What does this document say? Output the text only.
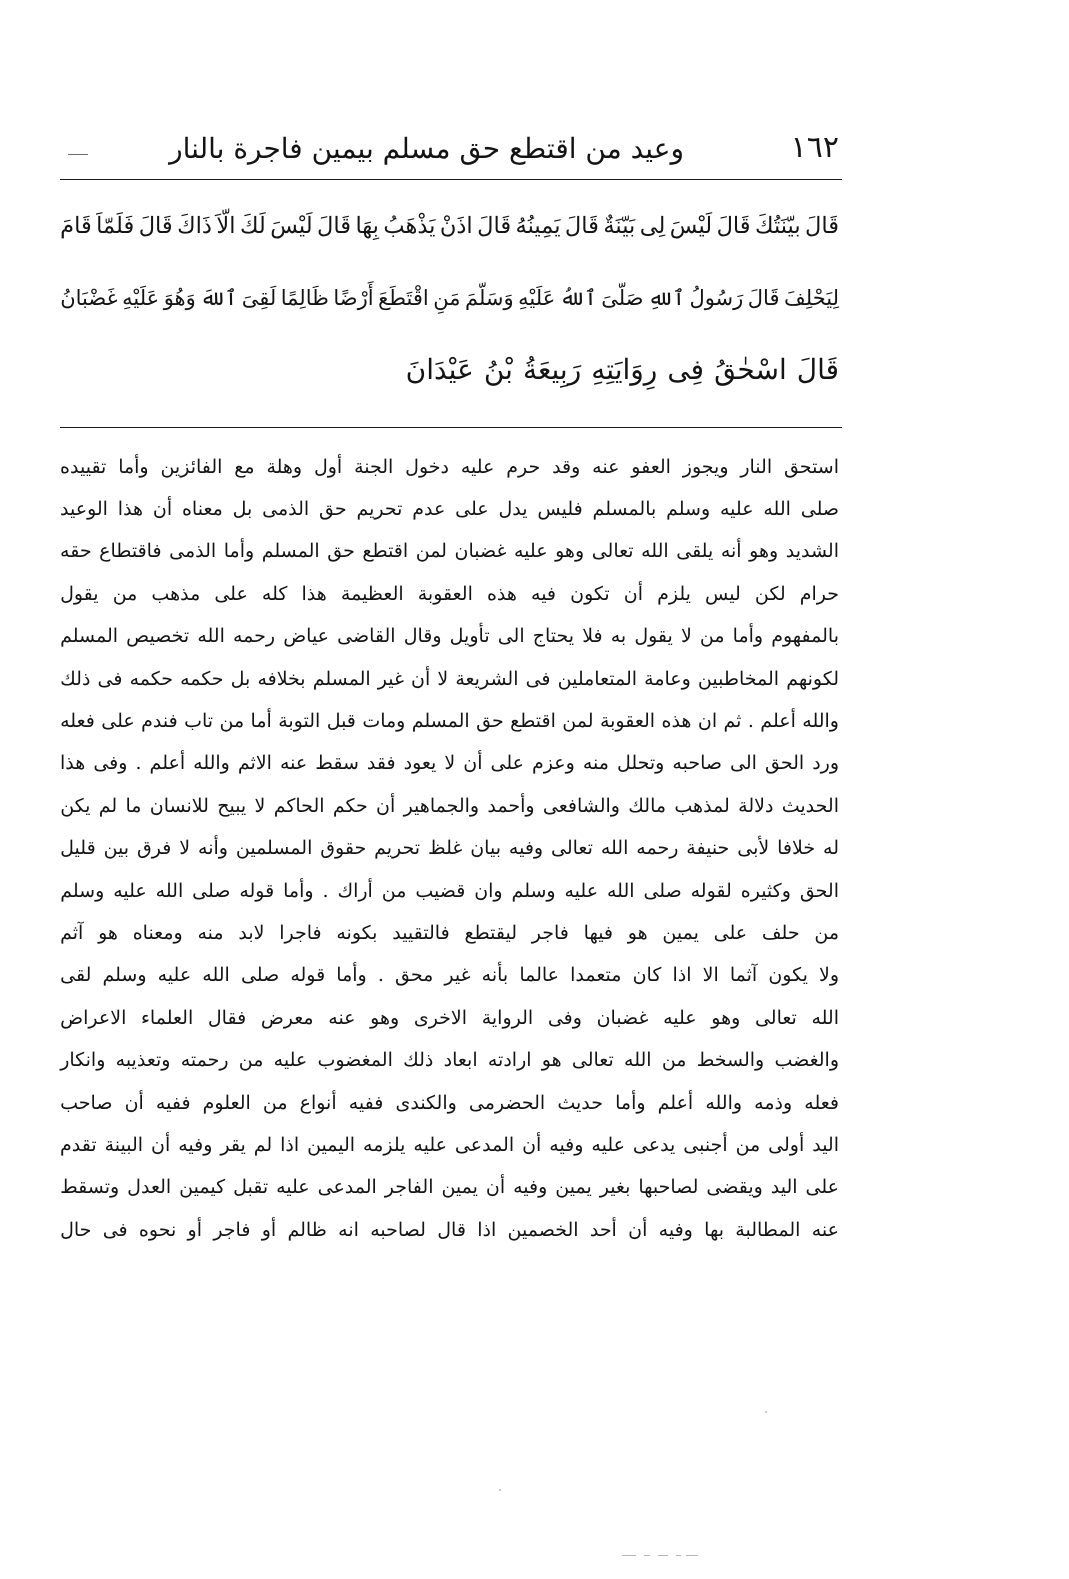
١٦٢
وعيد من اقتطع حق مسلم بيمين فاجرة بالنار
قَالَ
بيّنَتُكَ
قَالَ
لَيْسَ
لِى
بَيّنَةٌ
قَالَ
يَمِينُهُ
قَالَ
اذَنْ
يَذْهَبُ
بِهَا
قَالَ
لَيْسَ
لَكَ
الّاَ
ذَاكَ
قَالَ
فَلَمّاَ
قَامَ
لِيَحْلِفَ
قَالَ
رَسُولُ
ٱللهِ
صَلّىَ
ٱللهُ
عَلَيْهِ
وَسَلّمَ
مَنِ
اقْتَطَعَ
أَرْضًا
ظَالِمًا
لَقِىَ
ٱللهَ
وَهُوَ
عَلَيْهِ
غَضْبَانُ
قَالَ
اسْحٰقُ
فِى
رِوَايَتِهِ
رَبِيعَةُ
بْنُ
عَيْدَانَ
استحق
النار
ويجوز
العفو
عنه
وقد
حرم
عليه
دخول
الجنة
أول
وهلة
مع
الفائزين
وأما
تقييده
صلى
الله
عليه
وسلم
بالمسلم
فليس
يدل
على
عدم
تحريم
حق
الذمى
بل
معناه
أن
هذا
الوعيد
الشديد
وهو
أنه
يلقى
الله
تعالى
وهو
عليه
غضبان
لمن
اقتطع
حق
المسلم
وأما
الذمى
فاقتطاع
حقه
حرام
لكن
ليس
يلزم
أن
تكون
فيه
هذه
العقوبة
العظيمة
هذا
كله
على
مذهب
من
يقول
بالمفهوم
وأما
من
لا
يقول
به
فلا
يحتاج
الى
تأويل
وقال
القاضى
عياض
رحمه
الله
تخصيص
المسلم
لكونهم
المخاطبين
وعامة
المتعاملين
فى
الشريعة
لا
أن
غير
المسلم
بخلافه
بل
حكمه
حكمه
فى
ذلك
والله
أعلم
.
ثم
ان
هذه
العقوبة
لمن
اقتطع
حق
المسلم
ومات
قبل
التوبة
أما
من
تاب
فندم
على
فعله
ورد
الحق
الى
صاحبه
وتحلل
منه
وعزم
على
أن
لا
يعود
فقد
سقط
عنه
الاثم
والله
أعلم
.
وفى
هذا
الحديث
دلالة
لمذهب
مالك
والشافعى
وأحمد
والجماهير
أن
حكم
الحاكم
لا
يبيح
للانسان
ما
لم
يكن
له
خلافا
لأبى
حنيفة
رحمه
الله
تعالى
وفيه
بيان
غلظ
تحريم
حقوق
المسلمين
وأنه
لا
فرق
بين
قليل
الحق
وكثيره
لقوله
صلى
الله
عليه
وسلم
وان
قضيب
من
أراك
.
وأما
قوله
صلى
الله
عليه
وسلم
من
حلف
على
يمين
هو
فيها
فاجر
ليقتطع
فالتقييد
بكونه
فاجرا
لابد
منه
ومعناه
هو
آثم
ولا
يكون
آثما
الا
اذا
كان
متعمدا
عالما
بأنه
غير
محق
.
وأما
قوله
صلى
الله
عليه
وسلم
لقى
الله
تعالى
وهو
عليه
غضبان
وفى
الرواية
الاخرى
وهو
عنه
معرض
فقال
العلماء
الاعراض
والغضب
والسخط
من
الله
تعالى
هو
ارادته
ابعاد
ذلك
المغضوب
عليه
من
رحمته
وتعذيبه
وانكار
فعله
وذمه
والله
أعلم
وأما
حديث
الحضرمى
والكندى
ففيه
أنواع
من
العلوم
ففيه
أن
صاحب
اليد
أولى
من
أجنبى
يدعى
عليه
وفيه
أن
المدعى
عليه
يلزمه
اليمين
اذا
لم
يقر
وفيه
أن
البينة
تقدم
على
اليد
ويقضى
لصاحبها
بغير
يمين
وفيه
أن
يمين
الفاجر
المدعى
عليه
تقبل
كيمين
العدل
وتسقط
عنه
المطالبة
بها
وفيه
أن
أحد
الخصمين
اذا
قال
لصاحبه
انه
ظالم
أو
فاجر
أو
نحوه
فى
حال
